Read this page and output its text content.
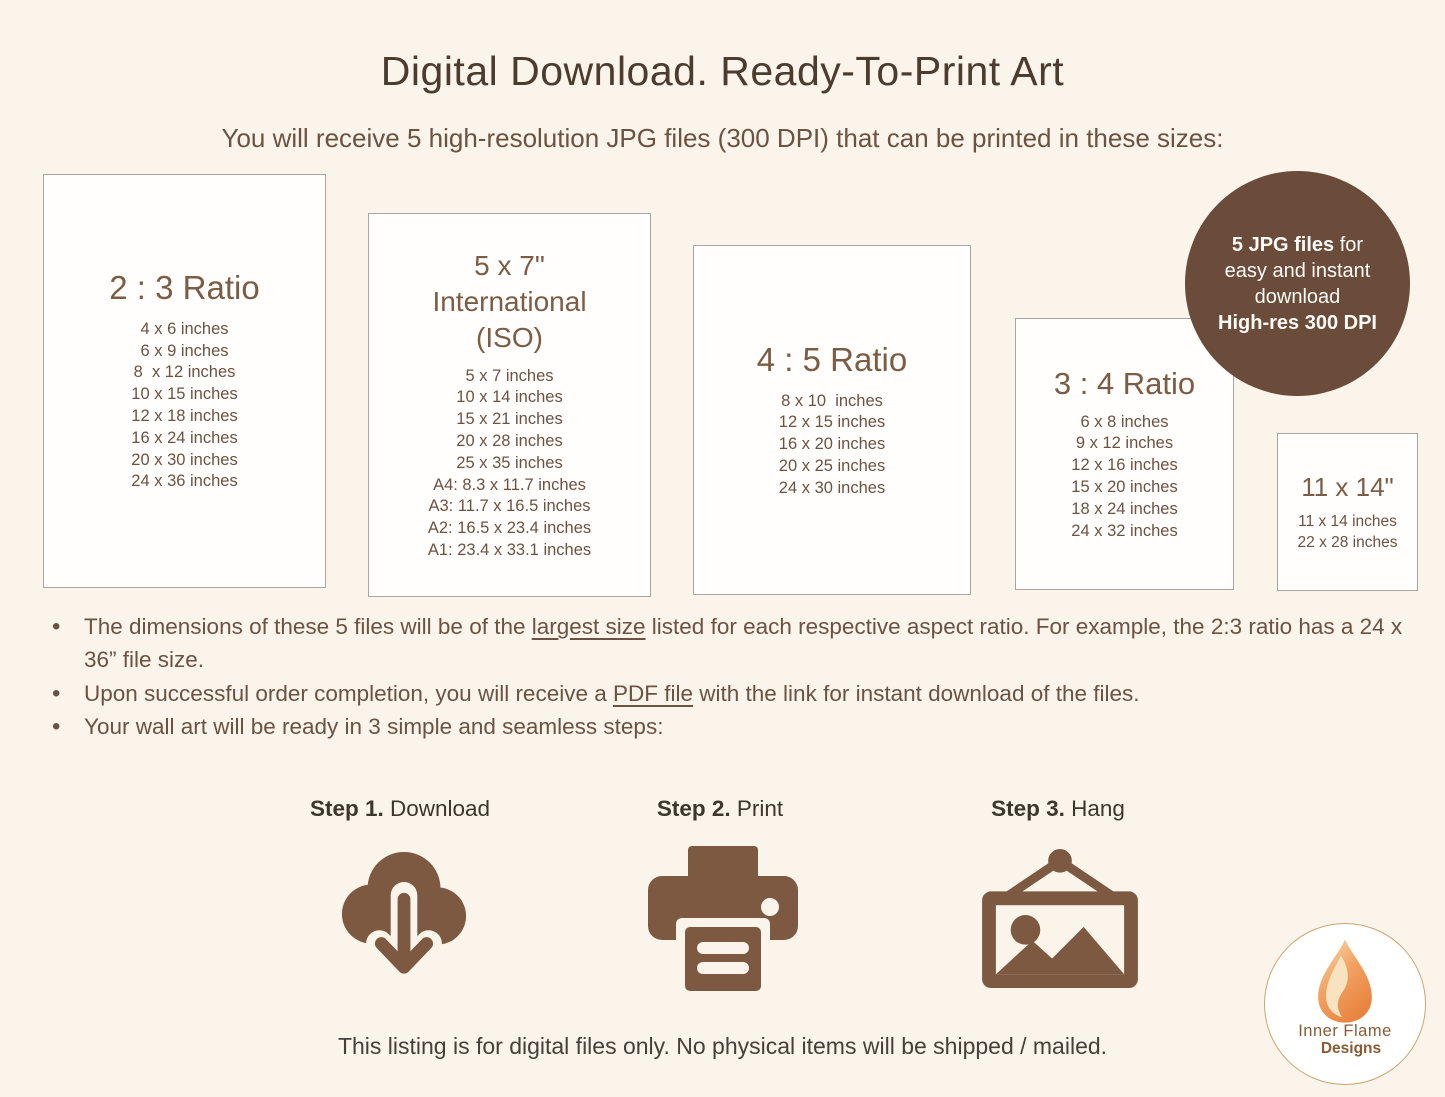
Digital Download. Ready-To-Print Art

You will receive 5 high-resolution JPG files (300 DPI) that can be printed in these sizes:

2 : 3 Ratio
4 x 6 inches
6 x 9 inches
8  x 12 inches
10 x 15 inches
12 x 18 inches
16 x 24 inches
20 x 30 inches
24 x 36 inches
5 x 7"
International
(ISO)
5 x 7 inches
10 x 14 inches
15 x 21 inches
20 x 28 inches
25 x 35 inches
A4: 8.3 x 11.7 inches
A3: 11.7 x 16.5 inches
A2: 16.5 x 23.4 inches
A1: 23.4 x 33.1 inches
4 : 5 Ratio
8 x 10  inches
12 x 15 inches
16 x 20 inches
20 x 25 inches
24 x 30 inches
3 : 4 Ratio
6 x 8 inches
9 x 12 inches
12 x 16 inches
15 x 20 inches
18 x 24 inches
24 x 32 inches
11 x 14"
11 x 14 inches
22 x 28 inches
5 JPG files for
easy and instant
download
High-res 300 DPI
•	The dimensions of these 5 files will be of the largest size listed for each respective aspect ratio. For example, the 2:3 ratio has a 24 x 36” file size.
•	Upon successful order completion, you will receive a PDF file with the link for instant download of the files.
•	Your wall art will be ready in 3 simple and seamless steps:
Step 1. Download	Step 2. Print	Step 3. Hang

This listing is for digital files only. No physical items will be shipped / mailed.

Inner Flame
Designs
